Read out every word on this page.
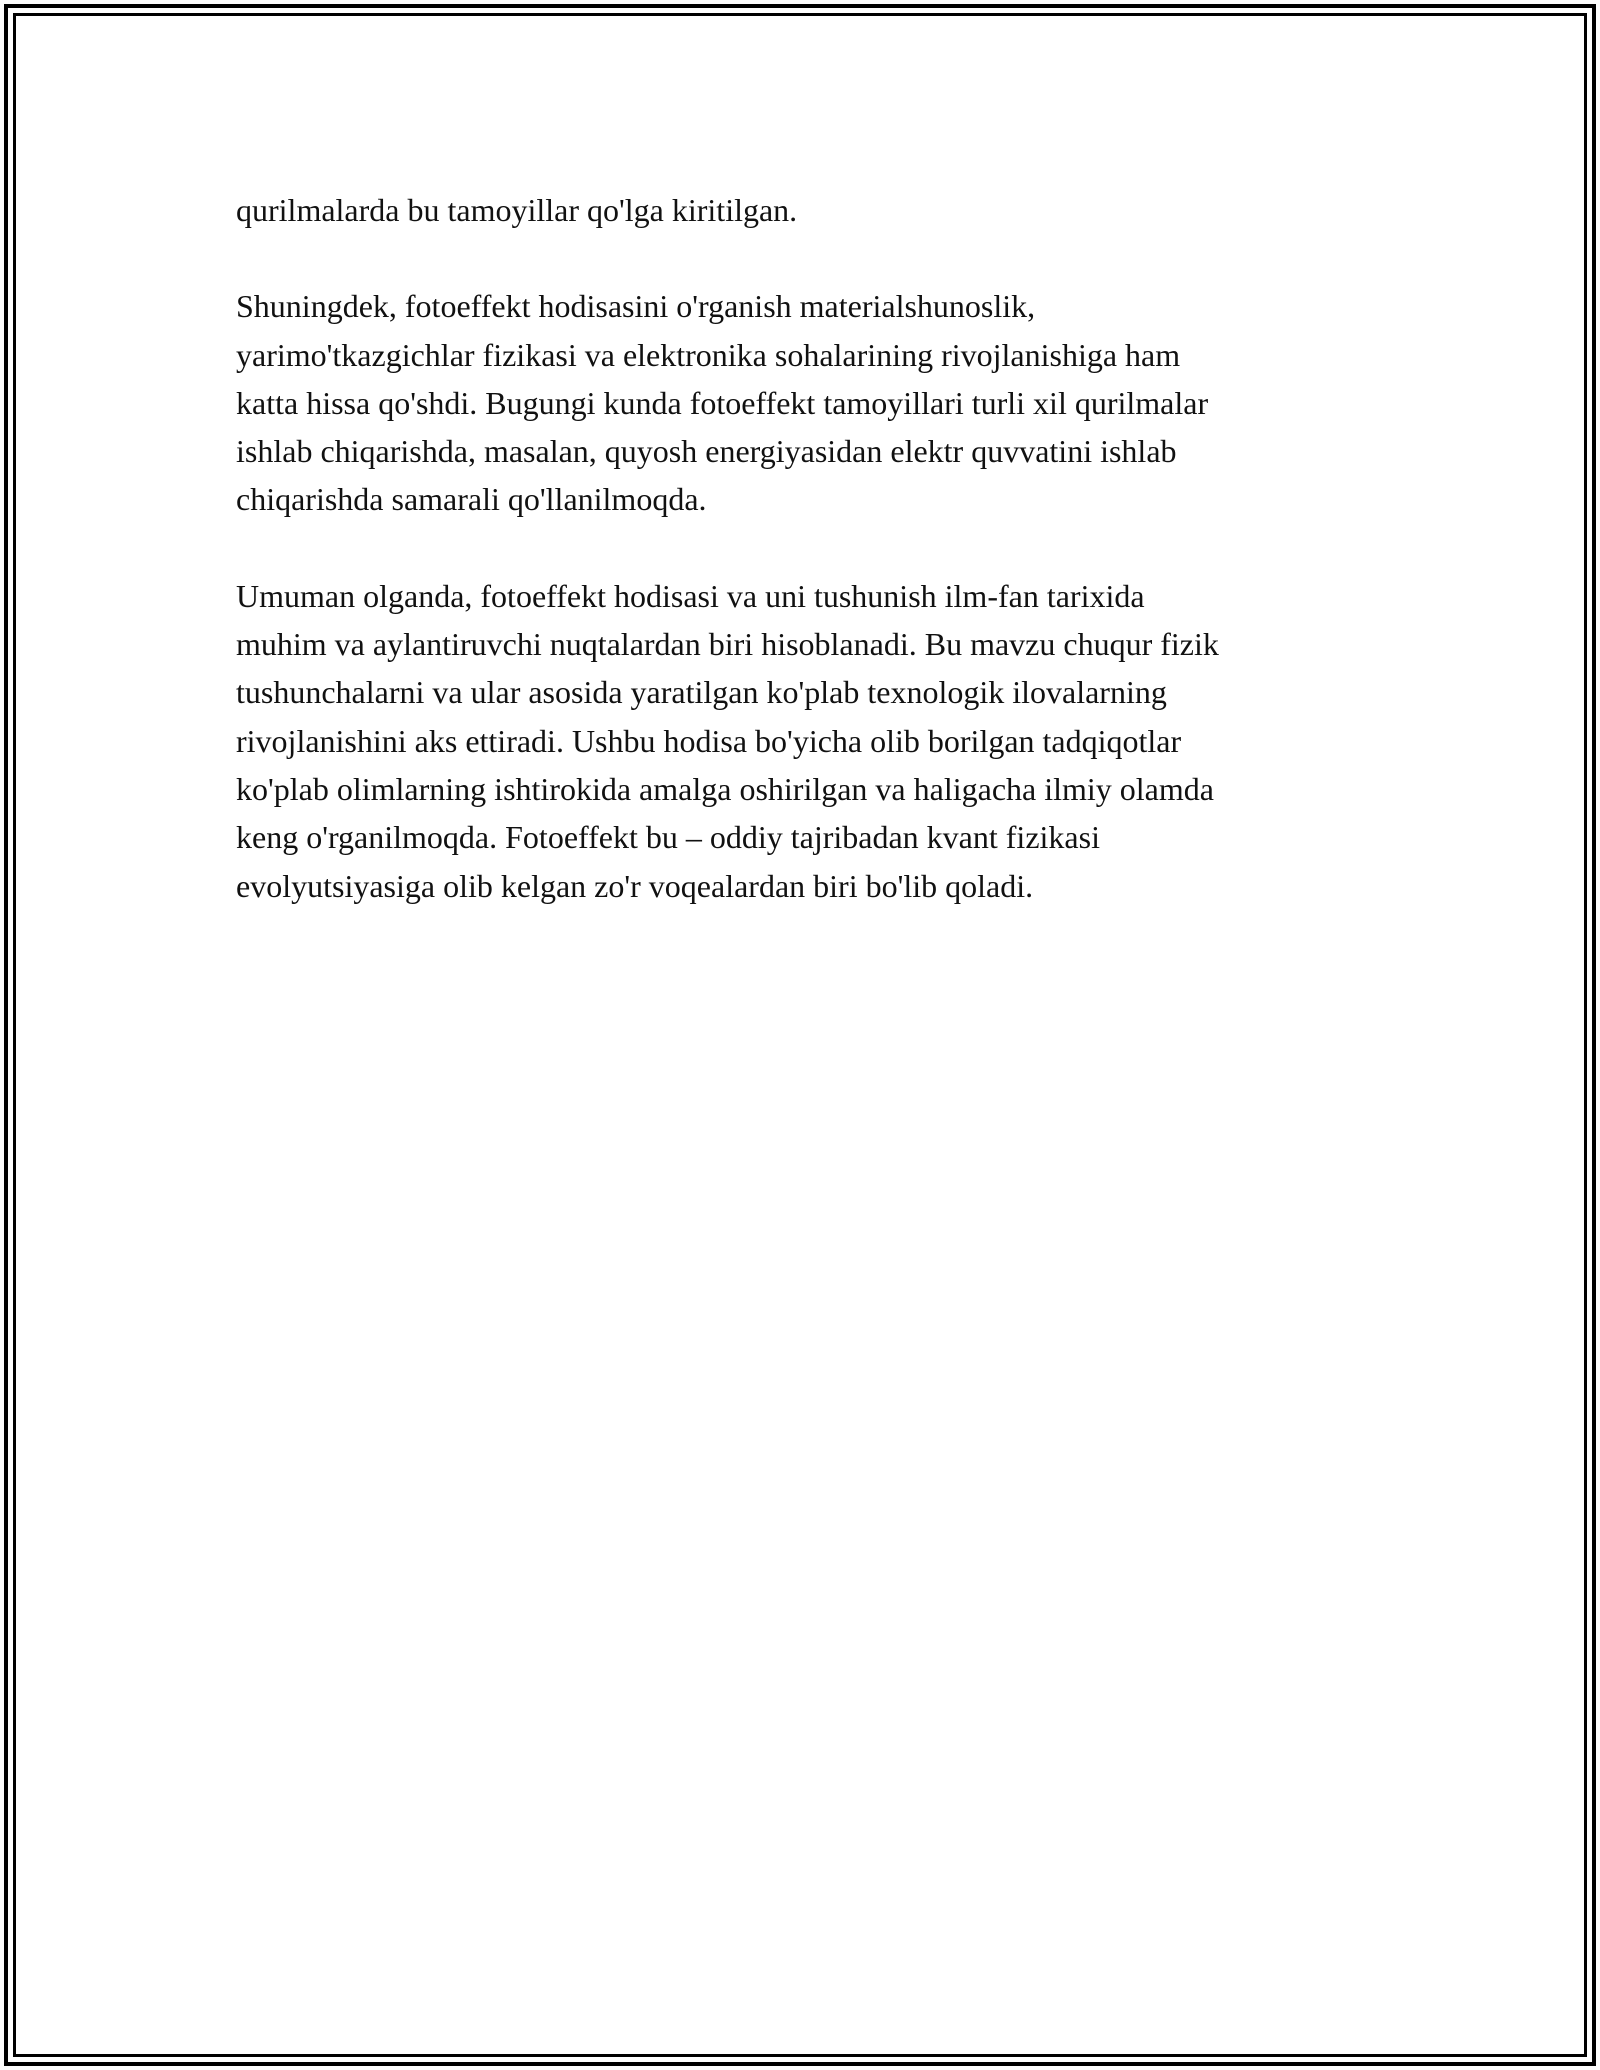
qurilmalarda bu tamoyillar qo'lga kiritilgan.

Shuningdek, fotoeffekt hodisasini o'rganish materialshunoslik,
yarimo'tkazgichlar fizikasi va elektronika sohalarining rivojlanishiga ham
katta hissa qo'shdi. Bugungi kunda fotoeffekt tamoyillari turli xil qurilmalar
ishlab chiqarishda, masalan, quyosh energiyasidan elektr quvvatini ishlab
chiqarishda samarali qo'llanilmoqda.

Umuman olganda, fotoeffekt hodisasi va uni tushunish ilm-fan tarixida
muhim va aylantiruvchi nuqtalardan biri hisoblanadi. Bu mavzu chuqur fizik
tushunchalarni va ular asosida yaratilgan ko'plab texnologik ilovalarning
rivojlanishini aks ettiradi. Ushbu hodisa bo'yicha olib borilgan tadqiqotlar
ko'plab olimlarning ishtirokida amalga oshirilgan va haligacha ilmiy olamda
keng o'rganilmoqda. Fotoeffekt bu – oddiy tajribadan kvant fizikasi
evolyutsiyasiga olib kelgan zo'r voqealardan biri bo'lib qoladi.
